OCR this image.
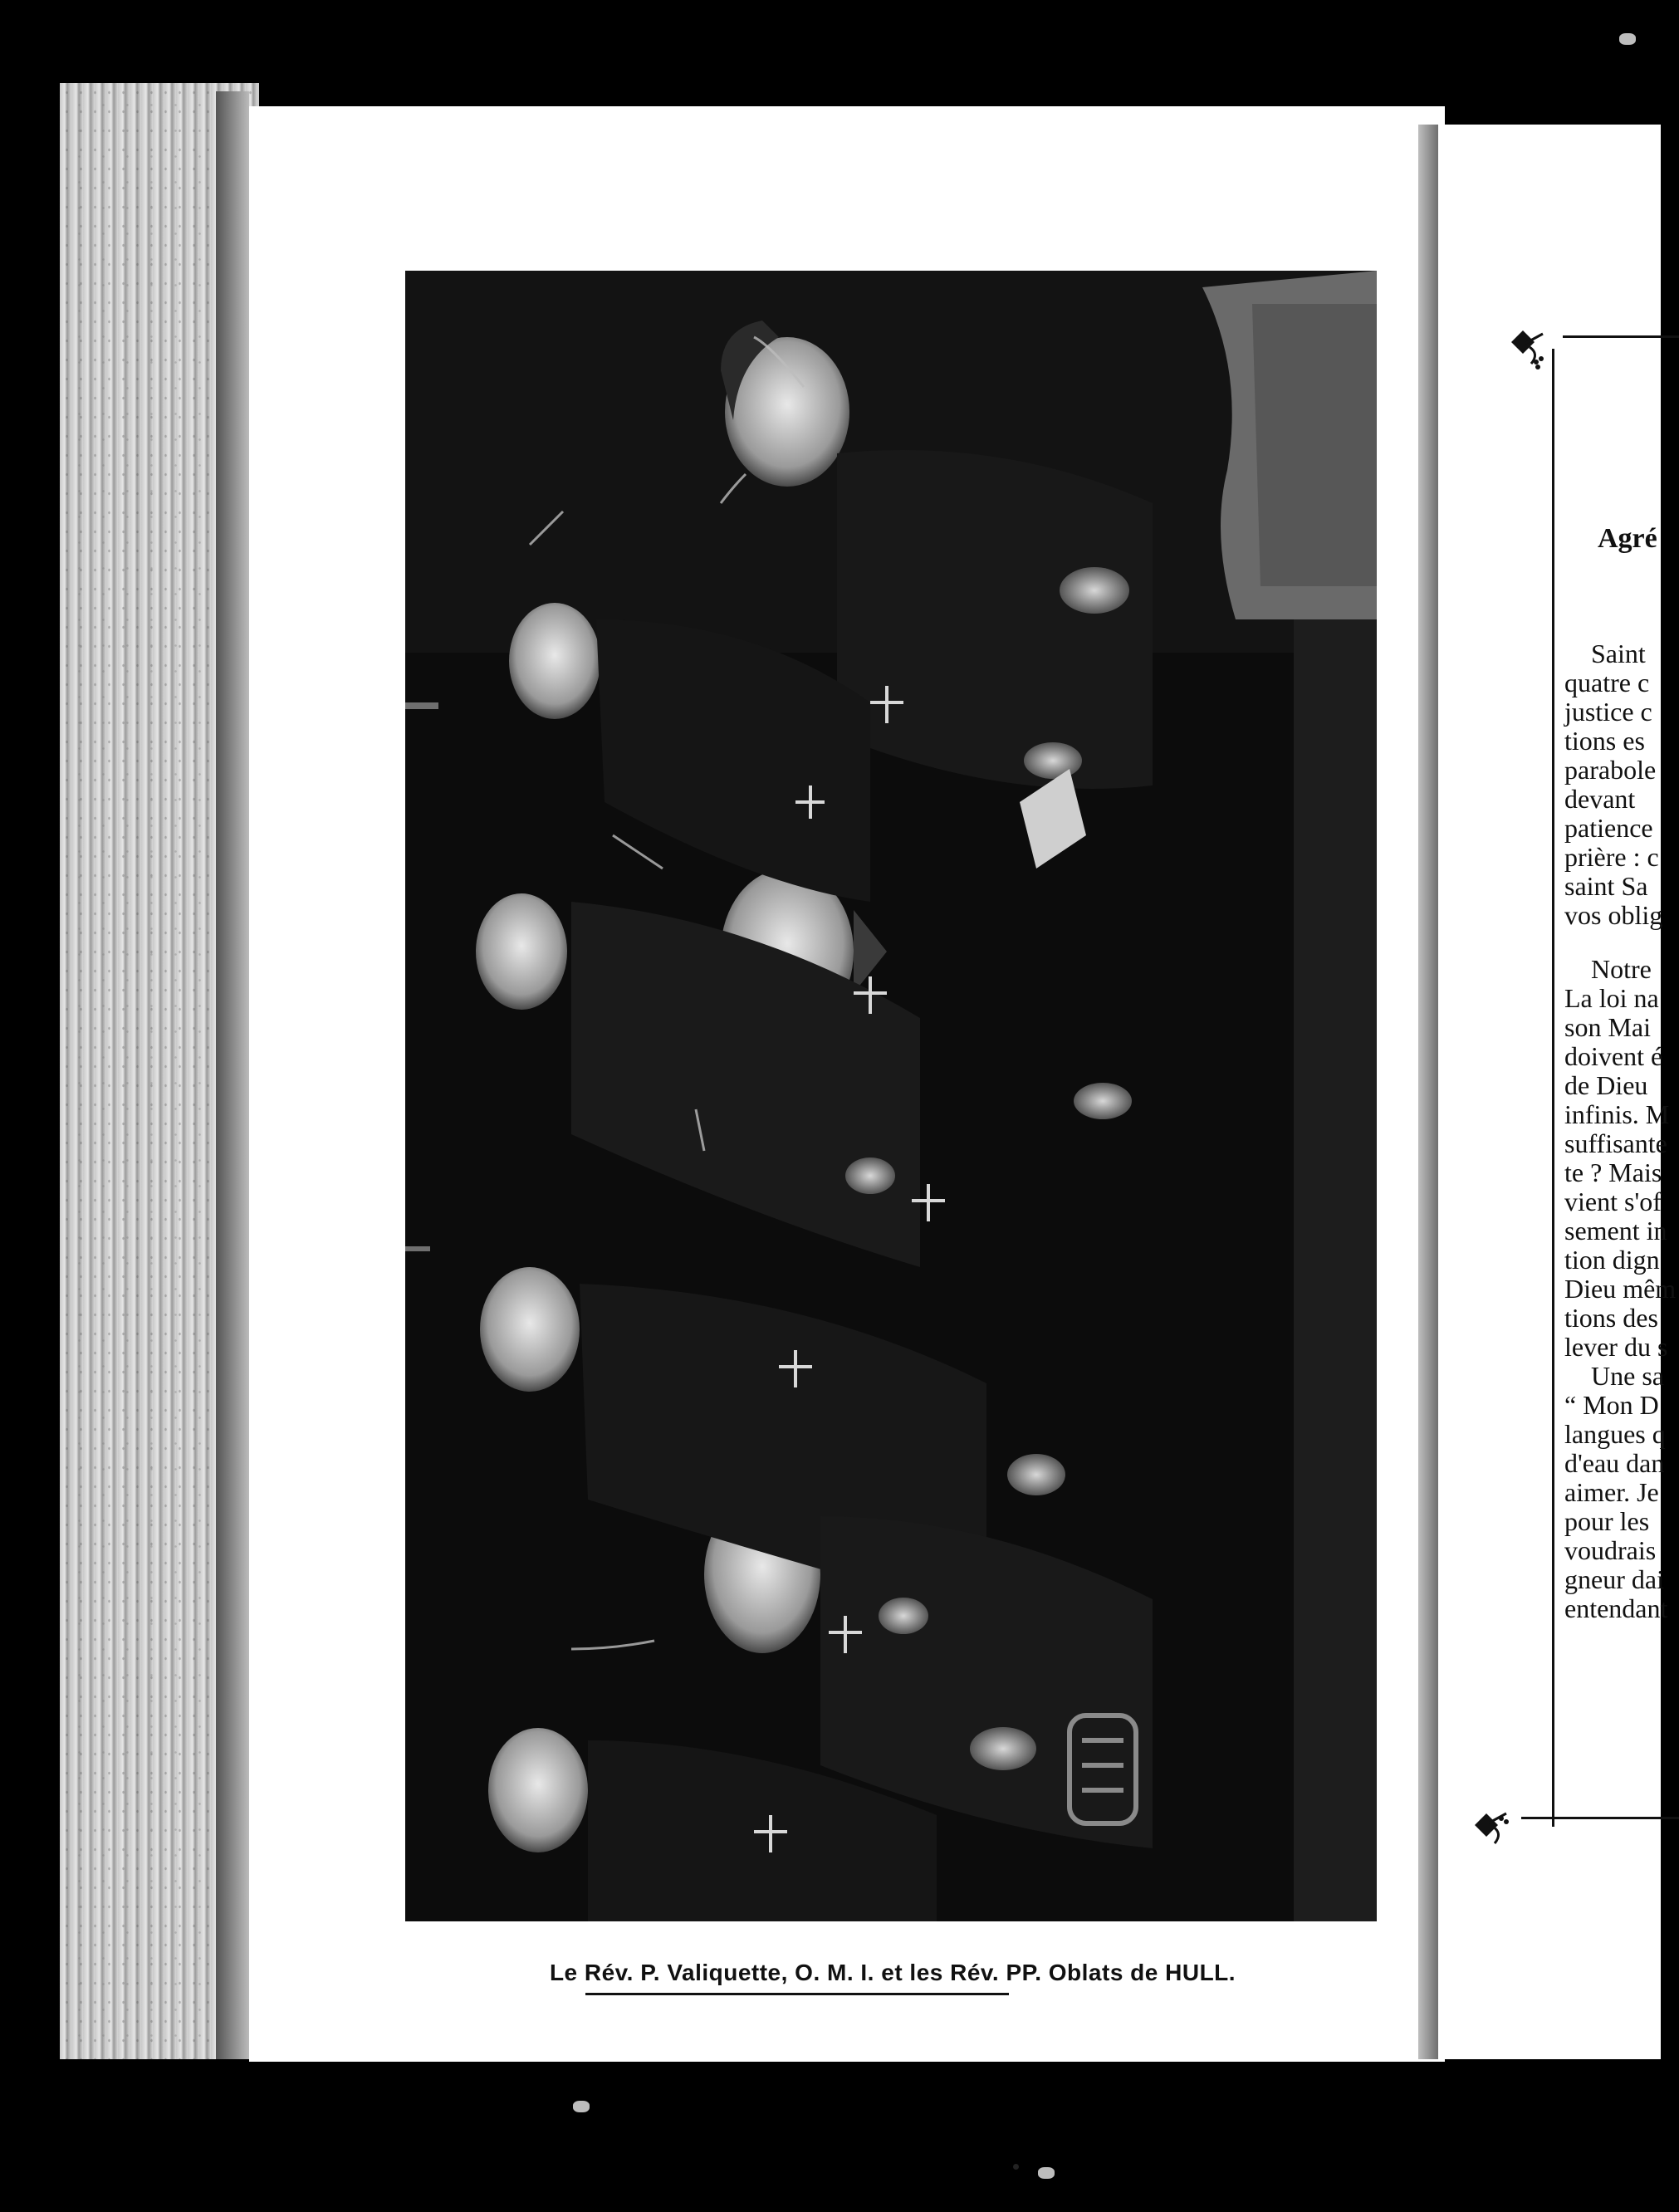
Le Rév. P. Valiquette, O. M. I. et les Rév. PP. Oblats de HULL.
Agré
Saint
quatre c
justice c
tions es
parabole
devant
patience
prière : c
saint Sa
vos oblig
Notre
La loi na
son Mai
doivent é
de Dieu
infinis. M
suffisante
te ? Mais
vient s'of
sement in
tion dign
Dieu mêm
tions des
lever du s
Une sa
“ Mon D
langues q
d'eau dan
aimer. Je
pour les
voudrais
gneur dai
entendant
